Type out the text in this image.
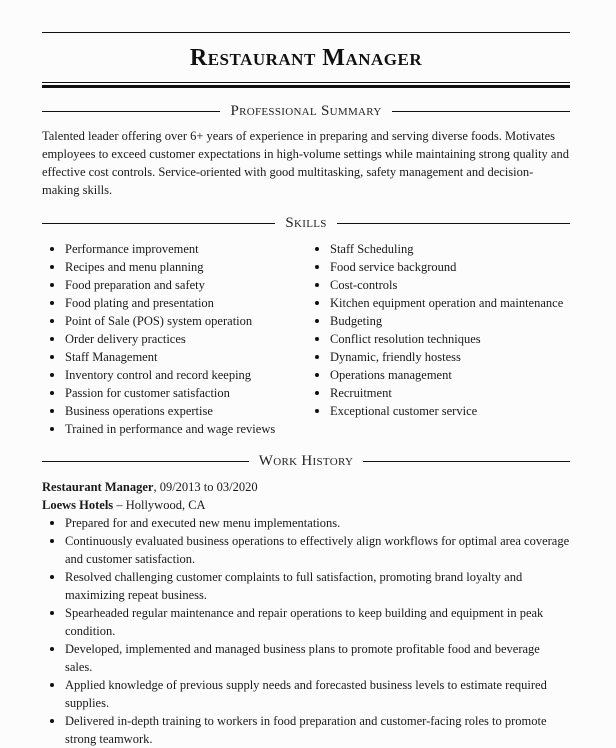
Restaurant Manager
Professional Summary
Talented leader offering over 6+ years of experience in preparing and serving diverse foods. Motivates employees to exceed customer expectations in high-volume settings while maintaining strong quality and effective cost controls. Service-oriented with good multitasking, safety management and decision-making skills.
Skills
Performance improvement
Recipes and menu planning
Food preparation and safety
Food plating and presentation
Point of Sale (POS) system operation
Order delivery practices
Staff Management
Inventory control and record keeping
Passion for customer satisfaction
Business operations expertise
Trained in performance and wage reviews
Staff Scheduling
Food service background
Cost-controls
Kitchen equipment operation and maintenance
Budgeting
Conflict resolution techniques
Dynamic, friendly hostess
Operations management
Recruitment
Exceptional customer service
Work History
Restaurant Manager, 09/2013 to 03/2020
Loews Hotels – Hollywood, CA
Prepared for and executed new menu implementations.
Continuously evaluated business operations to effectively align workflows for optimal area coverage and customer satisfaction.
Resolved challenging customer complaints to full satisfaction, promoting brand loyalty and maximizing repeat business.
Spearheaded regular maintenance and repair operations to keep building and equipment in peak condition.
Developed, implemented and managed business plans to promote profitable food and beverage sales.
Applied knowledge of previous supply needs and forecasted business levels to estimate required supplies.
Delivered in-depth training to workers in food preparation and customer-facing roles to promote strong teamwork.
